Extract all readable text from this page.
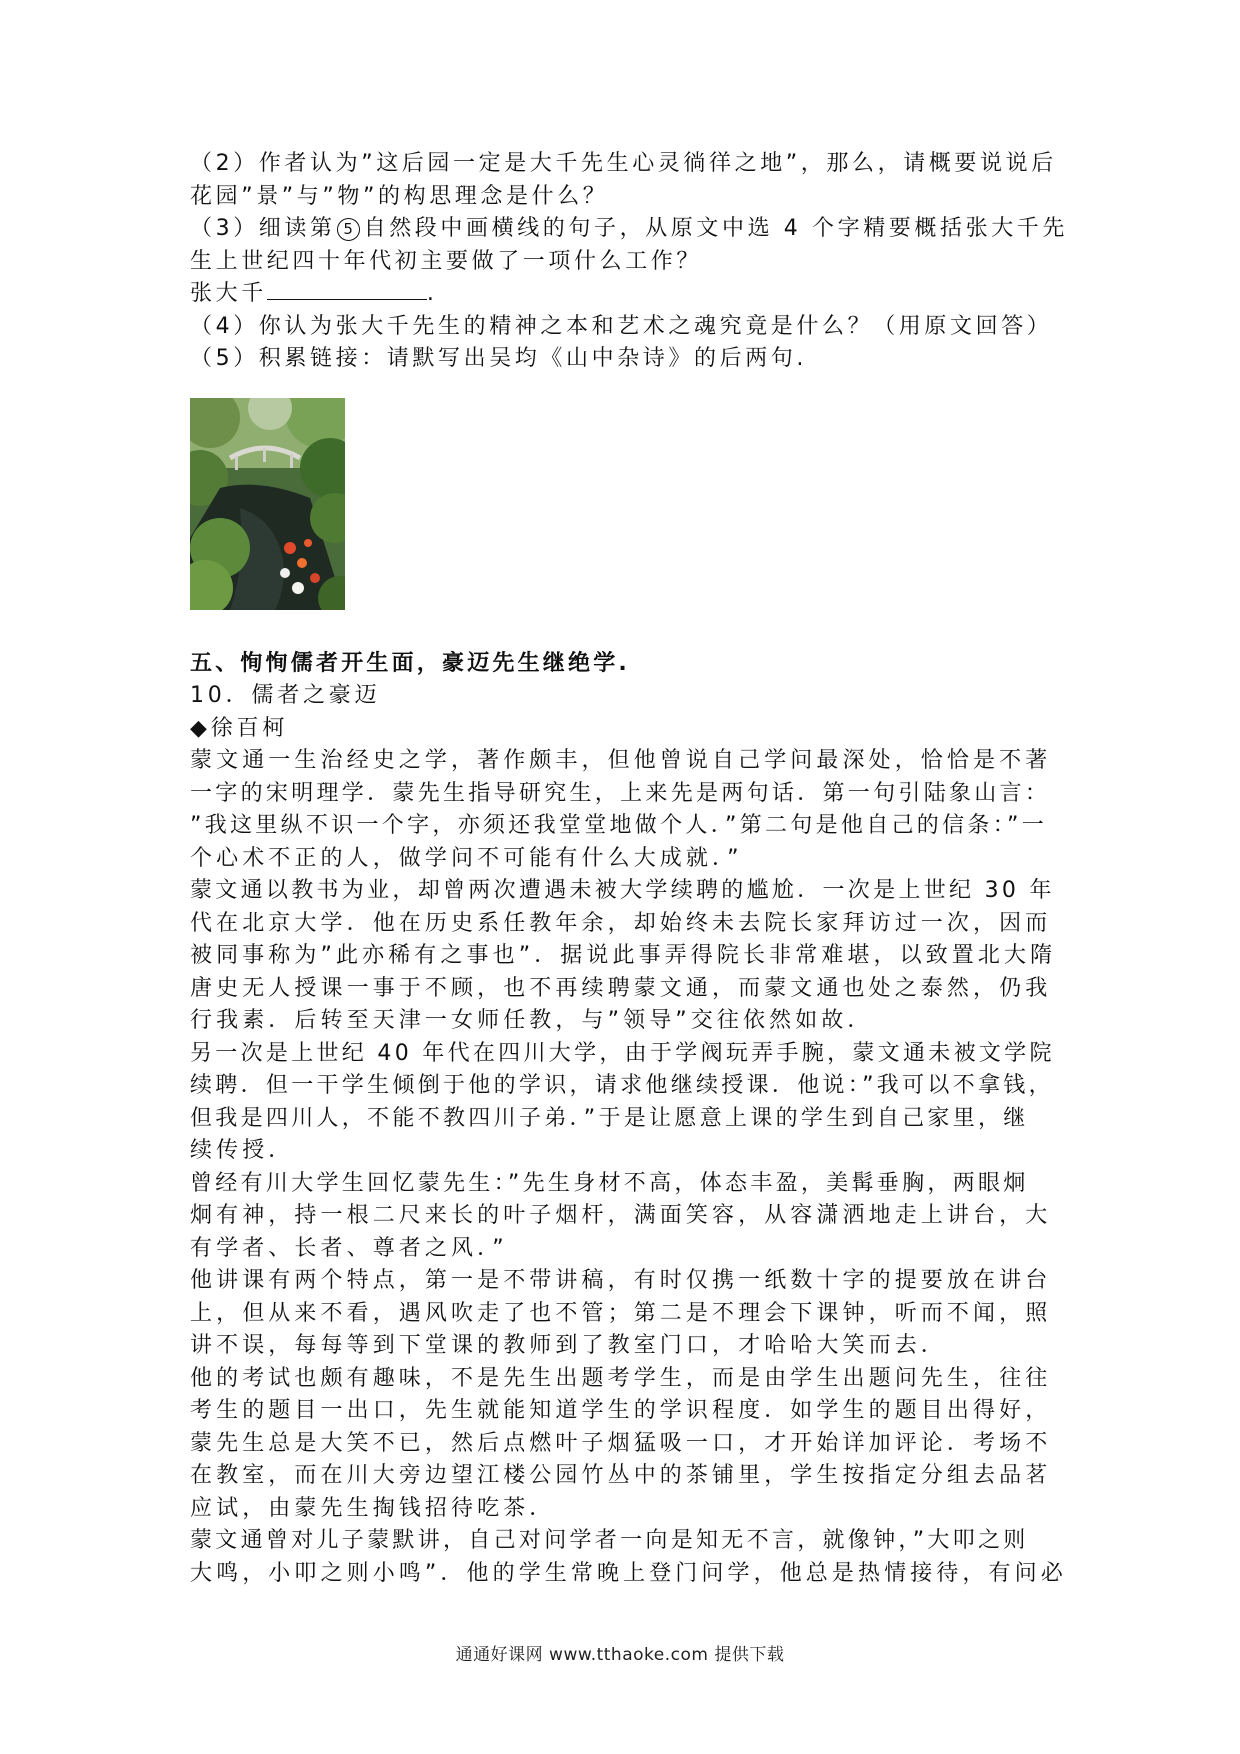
（2）作者认为”这后园一定是大千先生心灵徜徉之地”，那么，请概要说说后

花园”景”与”物”的构思理念是什么？

（3）细读第 5 自然段中画横线的句子，从原文中选 4 个字精要概括张大千先

生上世纪四十年代初主要做了一项什么工作？

张大千	.

（4）你认为张大千先生的精神之本和艺术之魂究竟是什么？（用原文回答）

（5）积累链接：请默写出吴均《山中杂诗》的后两句.

五、恂恂儒者开生面，豪迈先生继绝学.

10．儒者之豪迈

◆徐百柯

蒙文通一生治经史之学，著作颇丰，但他曾说自己学问最深处，恰恰是不著

一字的宋明理学．蒙先生指导研究生，上来先是两句话．第一句引陆象山言：

”我这里纵不识一个字，亦须还我堂堂地做个人．”第二句是他自己的信条：”一

个心术不正的人，做学问不可能有什么大成就．”

蒙文通以教书为业，却曾两次遭遇未被大学续聘的尴尬．一次是上世纪 30 年

代在北京大学．他在历史系任教年余，却始终未去院长家拜访过一次，因而

被同事称为”此亦稀有之事也”．据说此事弄得院长非常难堪，以致置北大隋

唐史无人授课一事于不顾，也不再续聘蒙文通，而蒙文通也处之泰然，仍我

行我素．后转至天津一女师任教，与”领导”交往依然如故．

另一次是上世纪 40 年代在四川大学，由于学阀玩弄手腕，蒙文通未被文学院

续聘．但一干学生倾倒于他的学识，请求他继续授课．他说：”我可以不拿钱，

但我是四川人，不能不教四川子弟．”于是让愿意上课的学生到自己家里，继

续传授．

曾经有川大学生回忆蒙先生：”先生身材不高，体态丰盈，美髯垂胸，两眼炯

炯有神，持一根二尺来长的叶子烟杆，满面笑容，从容潇洒地走上讲台，大

有学者、长者、尊者之风．”

他讲课有两个特点，第一是不带讲稿，有时仅携一纸数十字的提要放在讲台

上，但从来不看，遇风吹走了也不管；第二是不理会下课钟，听而不闻，照

讲不误，每每等到下堂课的教师到了教室门口，才哈哈大笑而去．

他的考试也颇有趣味，不是先生出题考学生，而是由学生出题问先生，往往

考生的题目一出口，先生就能知道学生的学识程度．如学生的题目出得好，

蒙先生总是大笑不已，然后点燃叶子烟猛吸一口，才开始详加评论．考场不

在教室，而在川大旁边望江楼公园竹丛中的茶铺里，学生按指定分组去品茗

应试，由蒙先生掏钱招待吃茶．

蒙文通曾对儿子蒙默讲，自己对问学者一向是知无不言，就像钟，”大叩之则

大鸣，小叩之则小鸣”．他的学生常晚上登门问学，他总是热情接待，有问必

通通好课网 www.tthaoke.com 提供下载
